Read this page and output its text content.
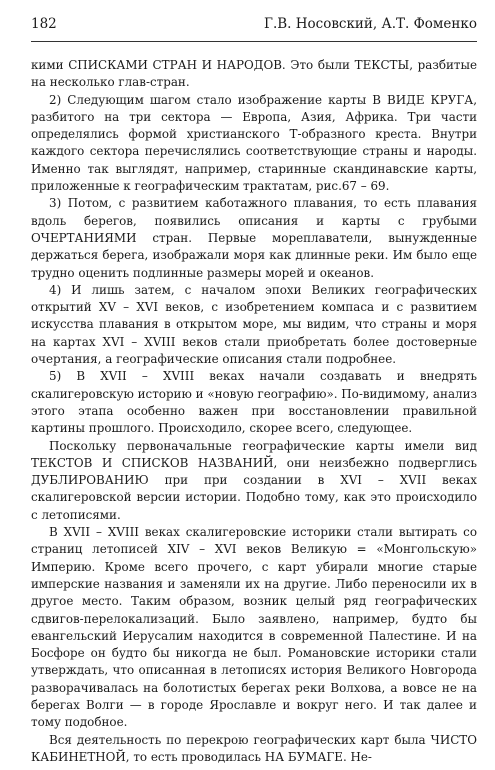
182	Г.В. Носовский, А.Т. Фоменко

кими СПИСКАМИ СТРАН И НАРОДОВ. Это были ТЕКСТЫ, разбитые на несколько глав-стран.

2) Следующим шагом стало изображение карты В ВИДЕ КРУГА, разбитого на три сектора — Европа, Азия, Африка. Три части определялись формой христианского Т-образного креста. Внутри каждого сектора перечислялись соответствующие страны и народы. Именно так выглядят, например, старинные скандинавские карты, приложенные к географическим трактатам, рис.67 – 69.

3) Потом, с развитием каботажного плавания, то есть плавания вдоль берегов, появились описания и карты с грубыми ОЧЕРТАНИЯМИ стран. Первые мореплаватели, вынужденные держаться берега, изображали моря как длинные реки. Им было еще трудно оценить подлинные размеры морей и океанов.

4) И лишь затем, с началом эпохи Великих географических открытий XV – XVI веков, с изобретением компаса и с развитием искусства плавания в открытом море, мы видим, что страны и моря на картах XVI – XVIII веков стали приобретать более достоверные очертания, а географические описания стали подробнее.

5) В XVII – XVIII веках начали создавать и внедрять скалигеровскую историю и «новую географию». По-видимому, анализ этого этапа особенно важен при восстановлении правильной картины прошлого. Происходило, скорее всего, следующее.

Поскольку первоначальные географические карты имели вид ТЕКСТОВ И СПИСКОВ НАЗВАНИЙ, они неизбежно подверглись ДУБЛИРОВАНИЮ при при создании в XVI – XVII веках скалигеровской версии истории. Подобно тому, как это происходило с летописями.

В XVII – XVIII веках скалигеровские историки стали вытирать со страниц летописей XIV – XVI веков Великую = «Монгольскую» Империю. Кроме всего прочего, с карт убирали многие старые имперские названия и заменяли их на другие. Либо переносили их в другое место. Таким образом, возник целый ряд географических сдвигов-перелокализаций. Было заявлено, например, будто бы евангельский Иерусалим находится в современной Палестине. И на Босфоре он будто бы никогда не был. Романовские историки стали утверждать, что описанная в летописях история Великого Новгорода разворачивалась на болотистых берегах реки Волхова, а вовсе не на берегах Волги — в городе Ярославле и вокруг него. И так далее и тому подобное.

Вся деятельность по перекрою географических карт была ЧИСТО КАБИНЕТНОЙ, то есть проводилась НА БУМАГЕ. Не-
